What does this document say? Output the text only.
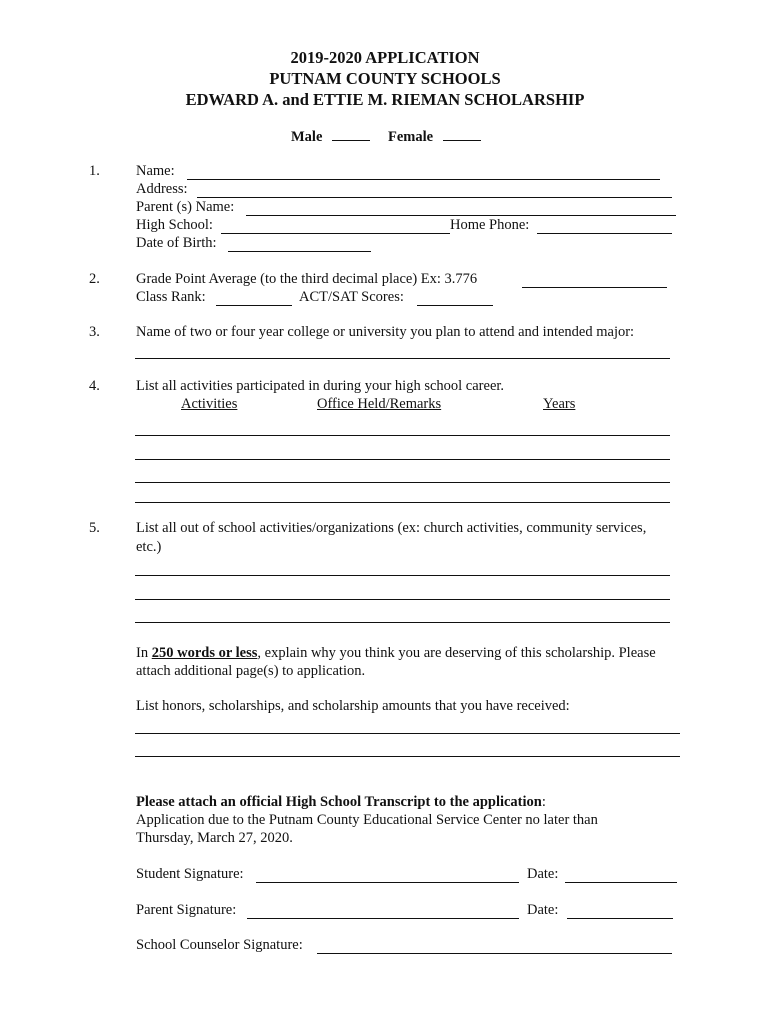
2019-2020 APPLICATION
PUTNAM COUNTY SCHOOLS
EDWARD A. and ETTIE M. RIEMAN SCHOLARSHIP
Male	Female
1. Name:
Address:
Parent (s) Name:
High School:	Home Phone:
Date of Birth:
2. Grade Point Average (to the third decimal place) Ex: 3.776
Class Rank:	ACT/SAT Scores:
3. Name of two or four year college or university you plan to attend and intended major:
4. List all activities participated in during your high school career.
Activities	Office Held/Remarks	Years
5. List all out of school activities/organizations (ex: church activities, community services,
etc.)
In 250 words or less, explain why you think you are deserving of this scholarship. Please
attach additional page(s) to application.
List honors, scholarships, and scholarship amounts that you have received:
Please attach an official High School Transcript to the application:
Application due to the Putnam County Educational Service Center no later than
Thursday, March 27, 2020.
Student Signature:	Date:
Parent Signature:	Date:
School Counselor Signature:
